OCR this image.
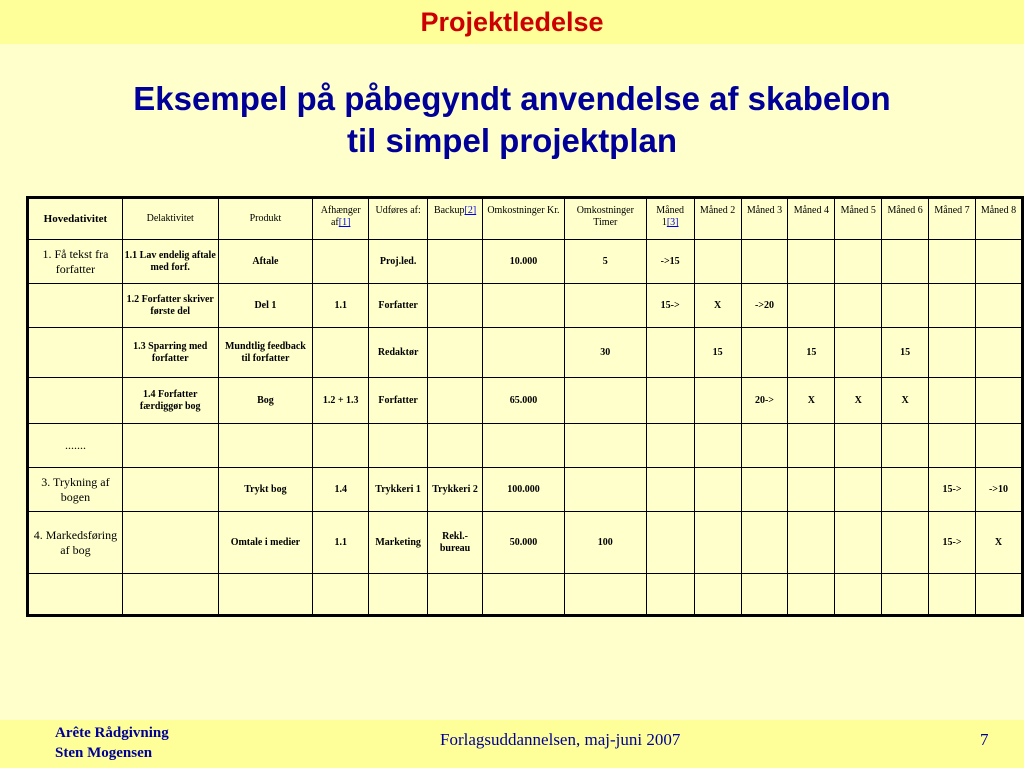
Projektledelse
Eksempel på påbegyndt anvendelse af skabelon
til simpel projektplan
Hovedativitet	Delaktivitet	Produkt	Afhænger af[1]	Udføres af:	Backup[2]	Omkostninger Kr.	Omkostninger Timer	Måned 1[3]	Måned 2	Måned 3	Måned 4	Måned 5	Måned 6	Måned 7	Måned 8
1. Få tekst fra forfatter	1.1 Lav endelig aftale med forf.	Aftale		Proj.led.		10.000	5	->15							
	1.2 Forfatter skriver første del	Del 1	1.1	Forfatter				15->	X	->20					
	1.3 Sparring med forfatter	Mundtlig feedback til forfatter		Redaktør			30		15		15		15		
	1.4 Forfatter færdiggør bog	Bog	1.2 + 1.3	Forfatter		65.000				20->	X	X	X		
.......															
3. Trykning af bogen		Trykt bog	1.4	Trykkeri 1	Trykkeri 2	100.000								15->	->10
4. Markedsføring af bog		Omtale i medier	1.1	Marketing	Rekl.-bureau	50.000	100							15->	X

Arête Rådgivning
Sten Mogensen
Forlagsuddannelsen, maj-juni 2007	7
